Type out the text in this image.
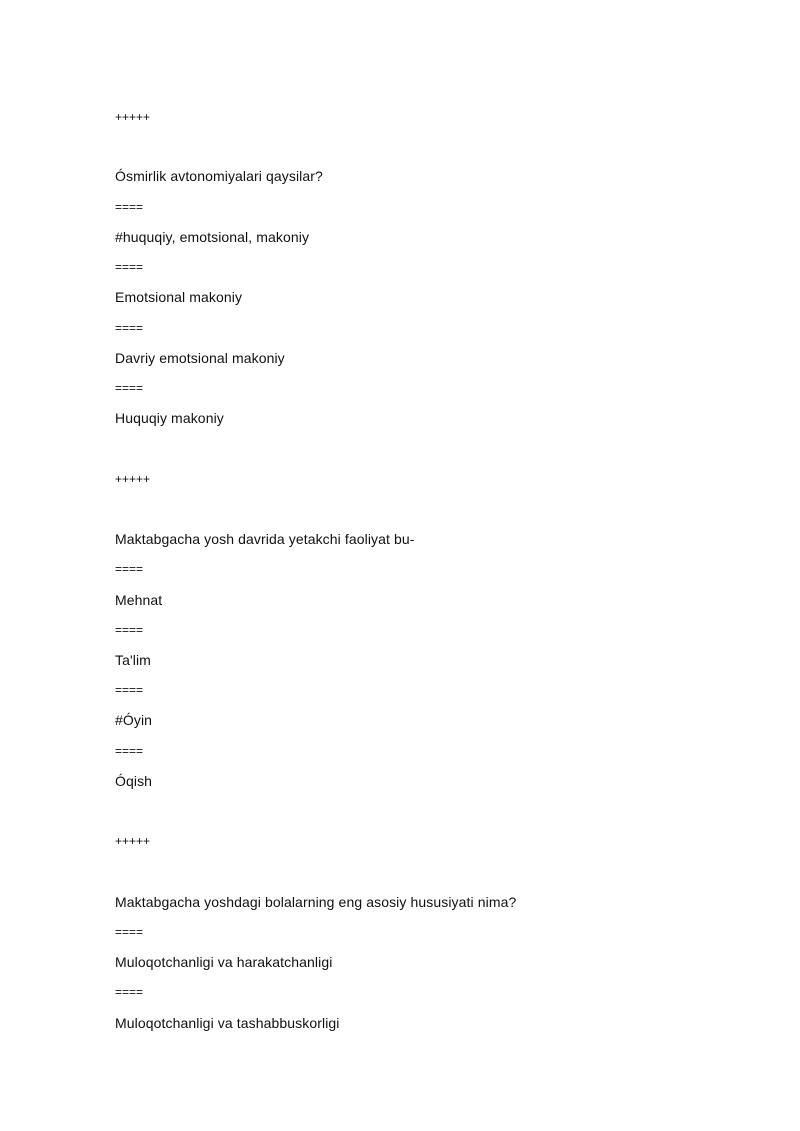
+++++
Ósmirlik avtonomiyalari qaysilar?
====
#huquqiy, emotsional, makoniy
====
Emotsional makoniy
====
Davriy emotsional makoniy
====
Huquqiy makoniy
+++++
Maktabgacha yosh davrida yetakchi faoliyat bu-
====
Mehnat
====
Ta'lim
====
#Óyin
====
Óqish
+++++
Maktabgacha yoshdagi bolalarning eng asosiy hususiyati nima?
====
Muloqotchanligi va harakatchanligi
====
Muloqotchanligi va tashabbuskorligi
